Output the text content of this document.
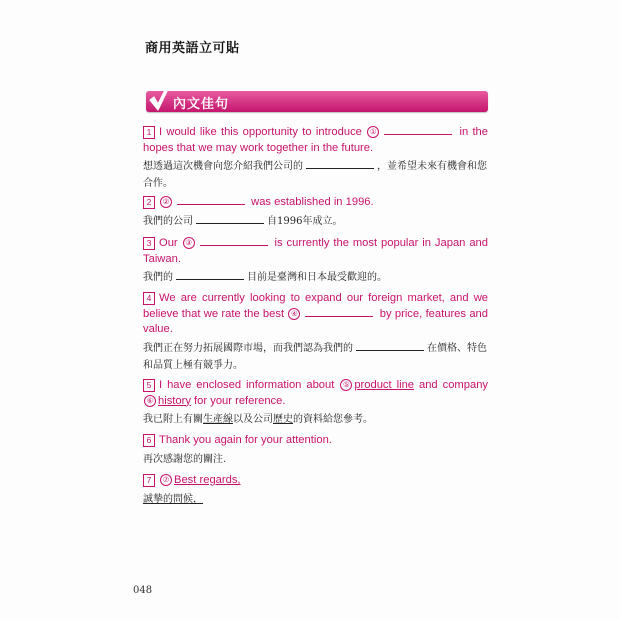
商用英語立可貼
內文佳句
1 I would like this opportunity to introduce ①	in the hopes that we may work together in the future.
想透過這次機會向您介紹我們公司的	，並希望未來有機會和您合作。
2 ②	was established in 1996.
我們的公司	自1996年成立。
3 Our ③	is currently the most popular in Japan and Taiwan.
我們的	目前是臺灣和日本最受歡迎的。
4 We are currently looking to expand our foreign market, and we believe that we rate the best ④	by price, features and value.
我們正在努力拓展國際市場，而我們認為我們的	在價格、特色和品質上極有競爭力。
5 I have enclosed information about ⑤ product line and company ⑥ history for your reference.
我已附上有關生產線以及公司歷史的資料給您參考。
6 Thank you again for your attention.
再次感謝您的關注.
7 ⑦ Best regards,
誠摯的問候，
048
